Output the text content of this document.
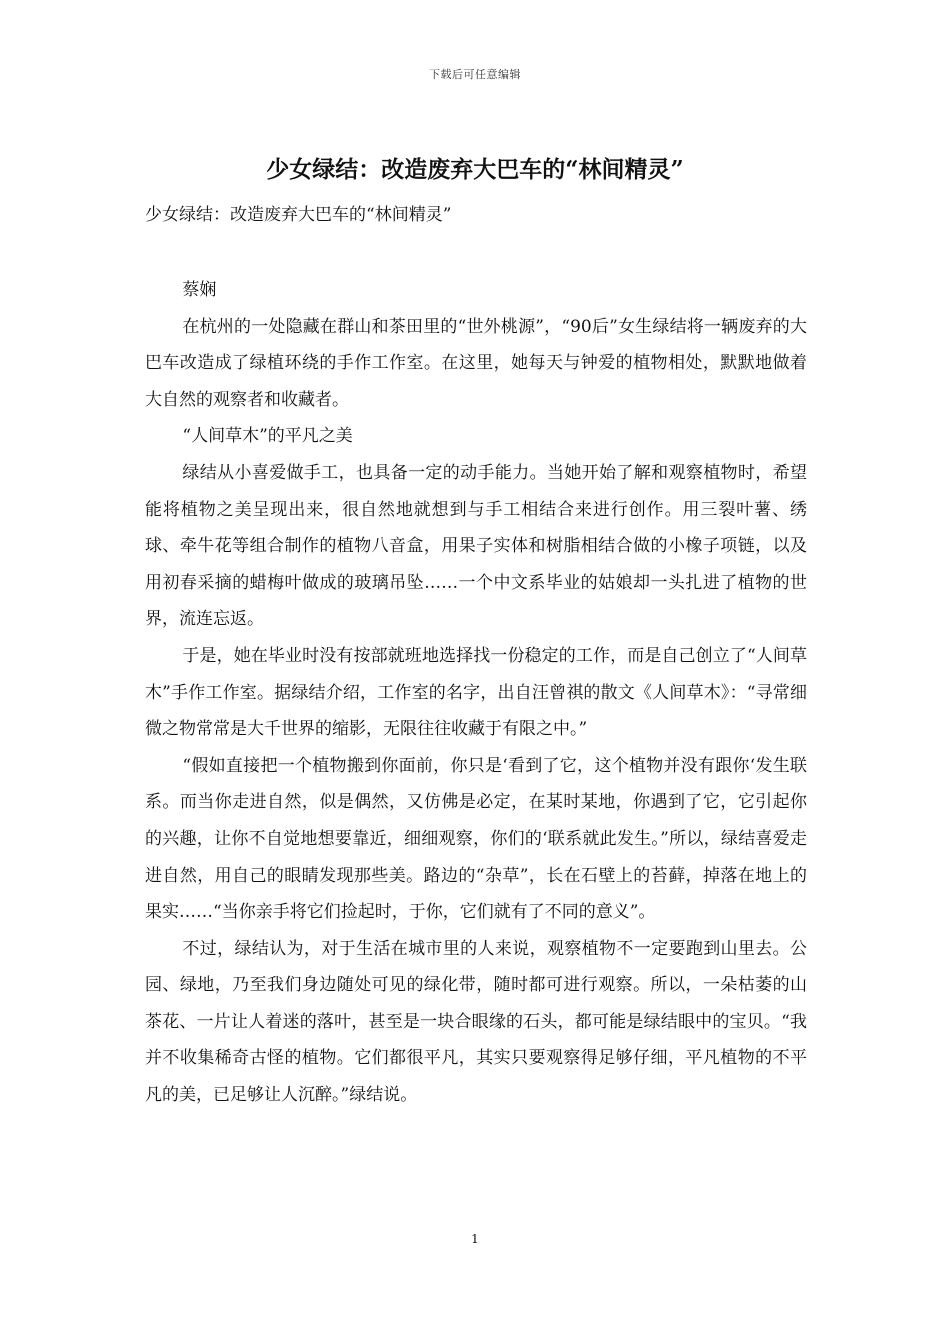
下载后可任意编辑
少女绿结：改造废弃大巴车的“林间精灵”

少女绿结：改造废弃大巴车的“林间精灵”

蔡娴

在杭州的一处隐藏在群山和茶田里的“世外桃源”，“90后”女生绿结将一辆废弃的大巴车改造成了绿植环绕的手作工作室。在这里，她每天与钟爱的植物相处，默默地做着大自然的观察者和收藏者。

“人间草木”的平凡之美

绿结从小喜爱做手工，也具备一定的动手能力。当她开始了解和观察植物时，希望能将植物之美呈现出来，很自然地就想到与手工相结合来进行创作。用三裂叶薯、绣球、牵牛花等组合制作的植物八音盒，用果子实体和树脂相结合做的小橡子项链，以及用初春采摘的蜡梅叶做成的玻璃吊坠……一个中文系毕业的姑娘却一头扎进了植物的世界，流连忘返。

于是，她在毕业时没有按部就班地选择找一份稳定的工作，而是自己创立了“人间草木”手作工作室。据绿结介绍，工作室的名字，出自汪曾祺的散文《人间草木》：“寻常细微之物常常是大千世界的缩影，无限往往收藏于有限之中。”

“假如直接把一个植物搬到你面前，你只是‘看到了它，这个植物并没有跟你‘发生联系。而当你走进自然，似是偶然，又仿佛是必定，在某时某地，你遇到了它，它引起你的兴趣，让你不自觉地想要靠近，细细观察，你们的‘联系就此发生。”所以，绿结喜爱走进自然，用自己的眼睛发现那些美。路边的“杂草”，长在石壁上的苔藓，掉落在地上的果实……“当你亲手将它们捡起时，于你，它们就有了不同的意义”。

不过，绿结认为，对于生活在城市里的人来说，观察植物不一定要跑到山里去。公园、绿地，乃至我们身边随处可见的绿化带，随时都可进行观察。所以，一朵枯萎的山茶花、一片让人着迷的落叶，甚至是一块合眼缘的石头，都可能是绿结眼中的宝贝。“我并不收集稀奇古怪的植物。它们都很平凡，其实只要观察得足够仔细，平凡植物的不平凡的美，已足够让人沉醉。”绿结说。

1
